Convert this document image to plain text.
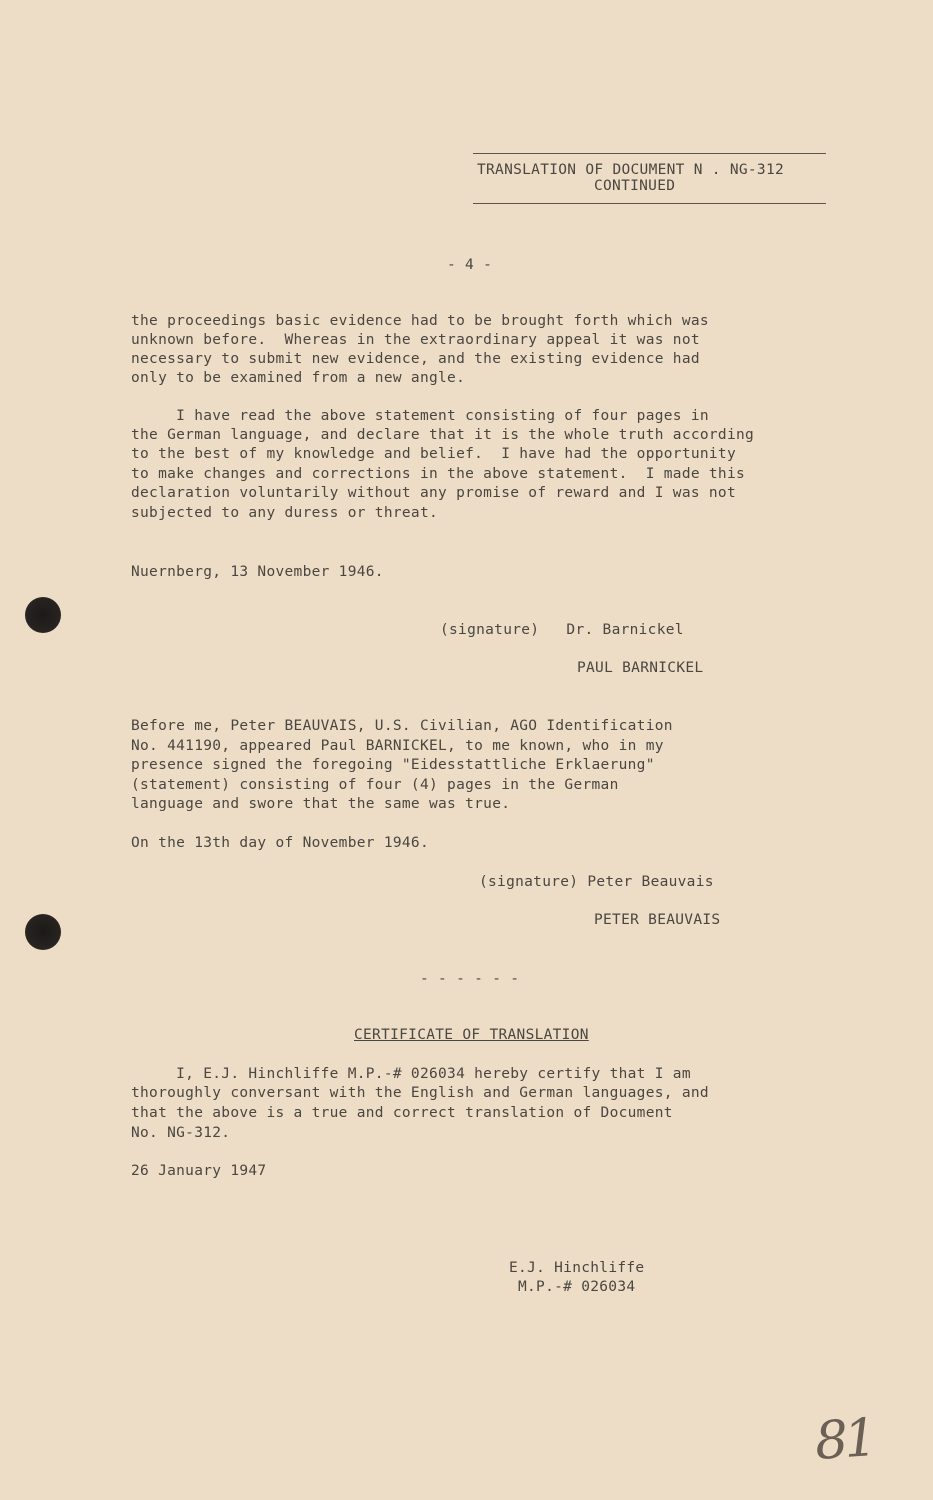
TRANSLATION OF DOCUMENT N . NG-312
CONTINUED
- 4 -
the proceedings basic evidence had to be brought forth which was
unknown before.  Whereas in the extraordinary appeal it was not
necessary to submit new evidence, and the existing evidence had
only to be examined from a new angle.
I have read the above statement consisting of four pages in
the German language, and declare that it is the whole truth according
to the best of my knowledge and belief.  I have had the opportunity
to make changes and corrections in the above statement.  I made this
declaration voluntarily without any promise of reward and I was not
subjected to any duress or threat.
Nuernberg, 13 November 1946.
(signature)   Dr. Barnickel
PAUL BARNICKEL
Before me, Peter BEAUVAIS, U.S. Civilian, AGO Identification
No. 441190, appeared Paul BARNICKEL, to me known, who in my
presence signed the foregoing "Eidesstattliche Erklaerung"
(statement) consisting of four (4) pages in the German
language and swore that the same was true.
On the 13th day of November 1946.
(signature) Peter Beauvais
PETER BEAUVAIS
- - - - - -
CERTIFICATE OF TRANSLATION
I, E.J. Hinchliffe M.P.-# 026034 hereby certify that I am
thoroughly conversant with the English and German languages, and
that the above is a true and correct translation of Document
No. NG-312.
26 January 1947
E.J. Hinchliffe
M.P.-# 026034
81
